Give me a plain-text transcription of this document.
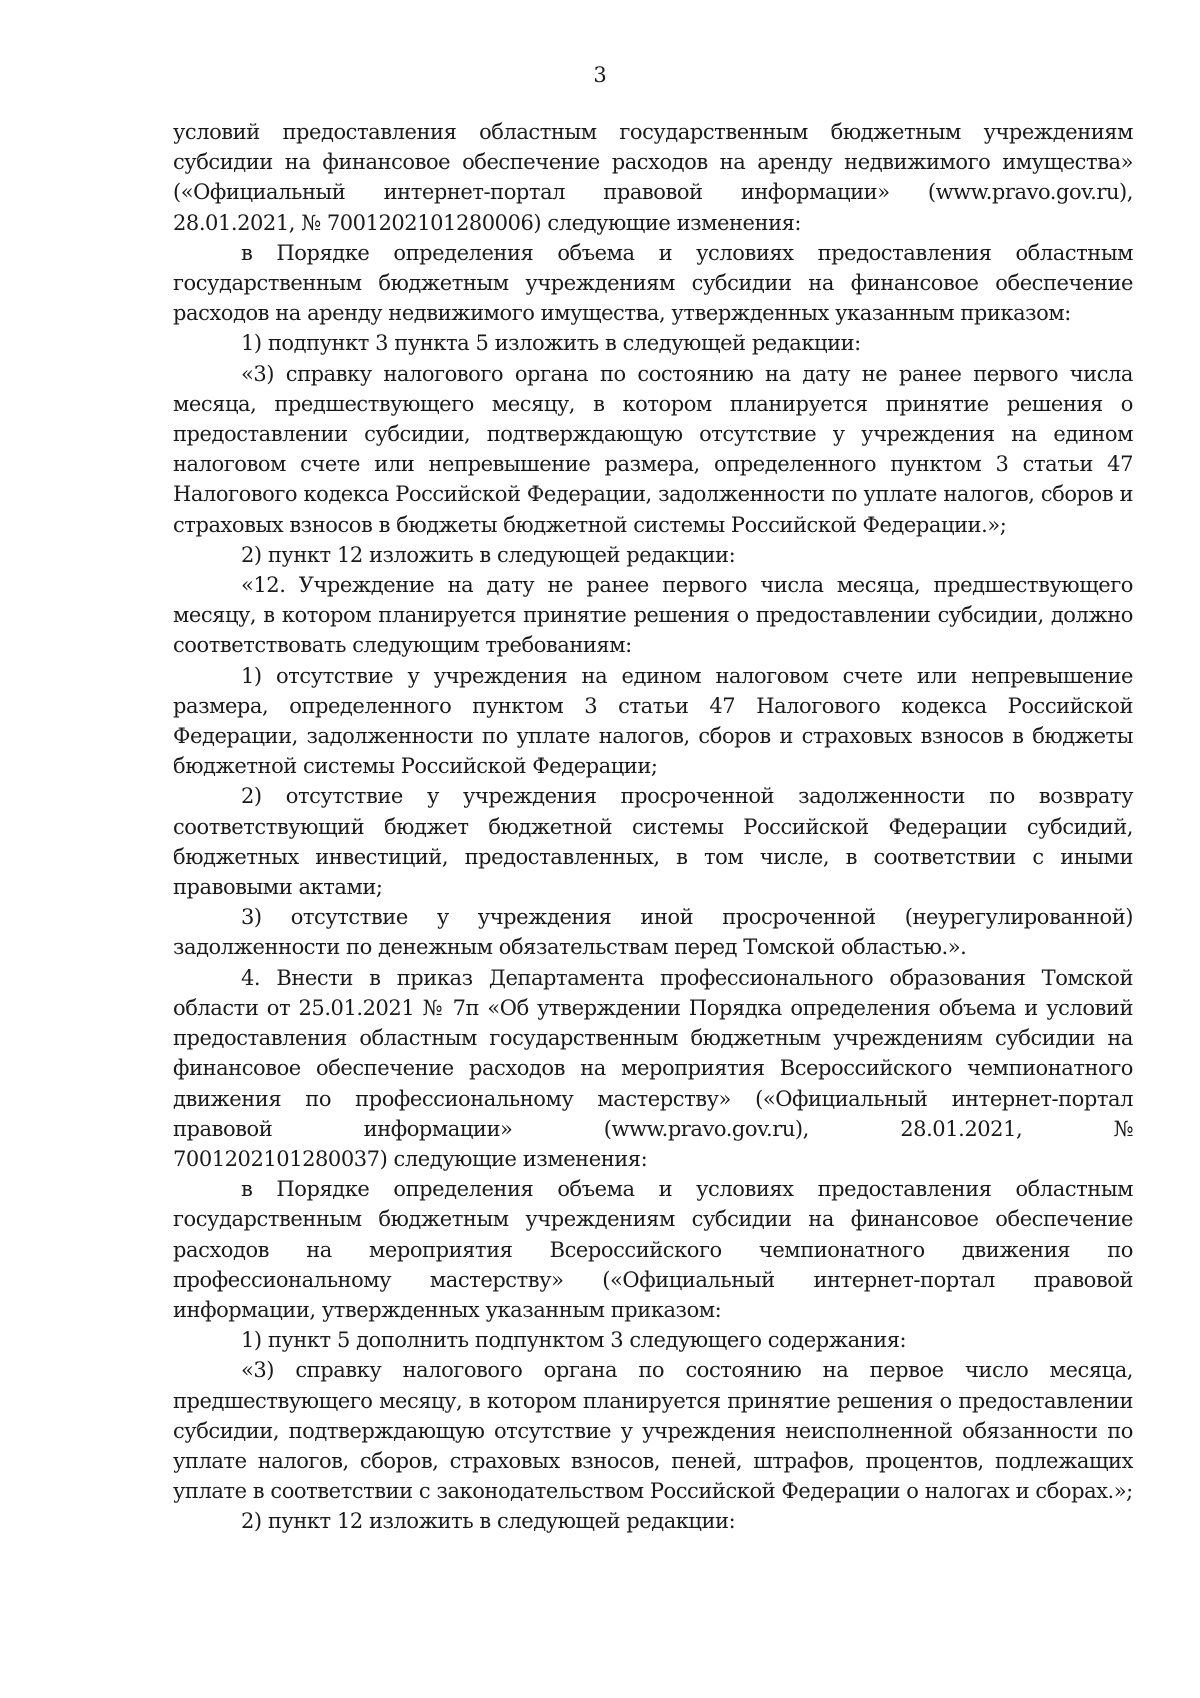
3

условий предоставления областным государственным бюджетным учреждениям субсидии на финансовое обеспечение расходов на аренду недвижимого имущества» («Официальный интернет-портал правовой информации» (www.pravo.gov.ru), 28.01.2021, № 7001202101280006) следующие изменения:

в Порядке определения объема и условиях предоставления областным государственным бюджетным учреждениям субсидии на финансовое обеспечение расходов на аренду недвижимого имущества, утвержденных указанным приказом:

1) подпункт 3 пункта 5 изложить в следующей редакции:

«3) справку налогового органа по состоянию на дату не ранее первого числа месяца, предшествующего месяцу, в котором планируется принятие решения о предоставлении субсидии, подтверждающую отсутствие у учреждения на едином налоговом счете или непревышение размера, определенного пунктом 3 статьи 47 Налогового кодекса Российской Федерации, задолженности по уплате налогов, сборов и страховых взносов в бюджеты бюджетной системы Российской Федерации.»;

2) пункт 12 изложить в следующей редакции:

«12. Учреждение на дату не ранее первого числа месяца, предшествующего месяцу, в котором планируется принятие решения о предоставлении субсидии, должно соответствовать следующим требованиям:

1) отсутствие у учреждения на едином налоговом счете или непревышение размера, определенного пунктом 3 статьи 47 Налогового кодекса Российской Федерации, задолженности по уплате налогов, сборов и страховых взносов в бюджеты бюджетной системы Российской Федерации;

2) отсутствие у учреждения просроченной задолженности по возврату соответствующий бюджет бюджетной системы Российской Федерации субсидий, бюджетных инвестиций, предоставленных, в том числе, в соответствии с иными правовыми актами;

3) отсутствие у учреждения иной просроченной (неурегулированной) задолженности по денежным обязательствам перед Томской областью.».

4. Внести в приказ Департамента профессионального образования Томской области от 25.01.2021 № 7п «Об утверждении Порядка определения объема и условий предоставления областным государственным бюджетным учреждениям субсидии на финансовое обеспечение расходов на мероприятия Всероссийского чемпионатного движения по профессиональному мастерству» («Официальный интернет-портал правовой информации» (www.pravo.gov.ru), 28.01.2021, №

7001202101280037) следующие изменения:

в Порядке определения объема и условиях предоставления областным государственным бюджетным учреждениям субсидии на финансовое обеспечение расходов на мероприятия Всероссийского чемпионатного движения по профессиональному мастерству» («Официальный интернет-портал правовой информации, утвержденных указанным приказом:

1) пункт 5 дополнить подпунктом 3 следующего содержания:

«3) справку налогового органа по состоянию на первое число месяца, предшествующего месяцу, в котором планируется принятие решения о предоставлении субсидии, подтверждающую отсутствие у учреждения неисполненной обязанности по уплате налогов, сборов, страховых взносов, пеней, штрафов, процентов, подлежащих уплате в соответствии с законодательством Российской Федерации о налогах и сборах.»;

2) пункт 12 изложить в следующей редакции:
